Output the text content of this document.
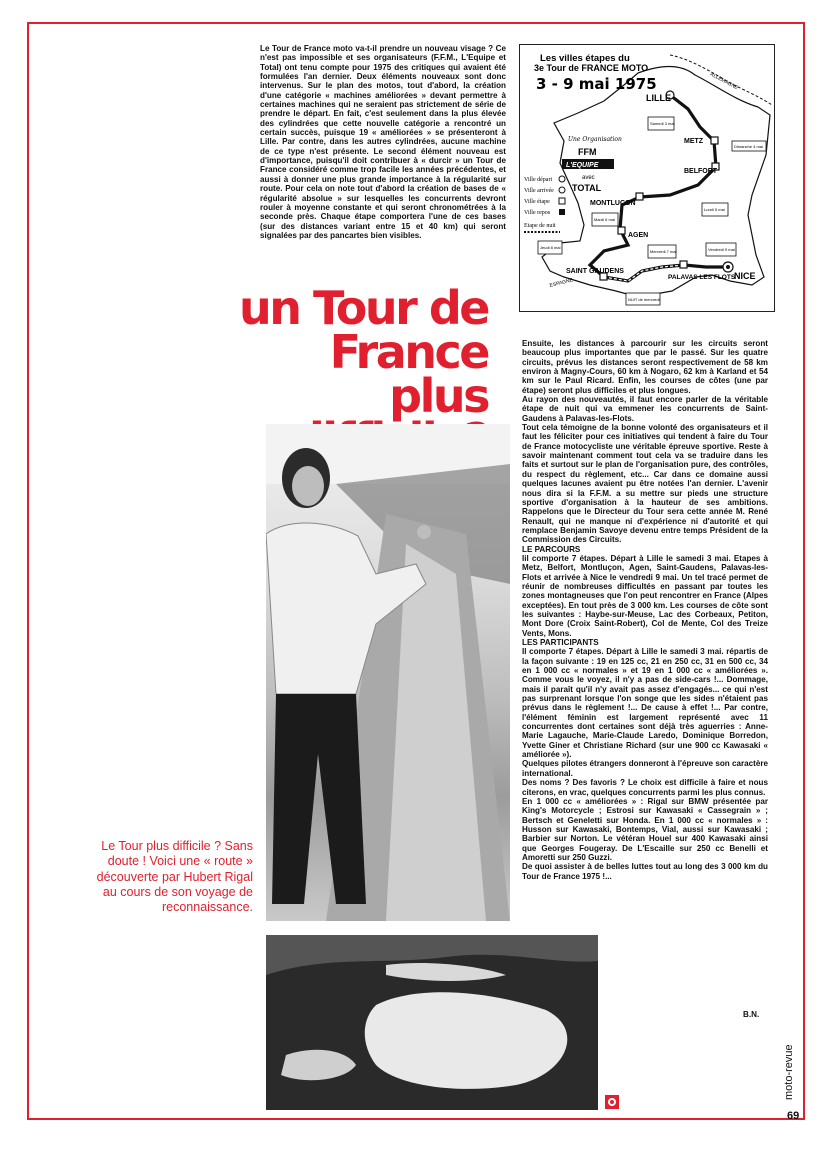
Le Tour de France moto va-t-il prendre un nouveau visage ? Ce n'est pas impossible et ses organisateurs (F.F.M., L'Equipe et Total) ont tenu compte pour 1975 des critiques qui avaient été formulées l'an dernier. Deux éléments nouveaux sont donc intervenus. Sur le plan des motos, tout d'abord, la création d'une catégorie « machines améliorées » devant permettre à certaines machines qui ne seraient pas strictement de série de prendre le départ. En fait, c'est seulement dans la plus élevée des cylindrées que cette nouvelle catégorie a rencontré un certain succès, puisque 19 « améliorées » se présenteront à Lille. Par contre, dans les autres cylindrées, aucune machine de ce type n'est présente. Le second élément nouveau est d'importance, puisqu'il doit contribuer à « durcir » un Tour de France considéré comme trop facile les années précédentes, et aussi à donner une plus grande importance à la régularité sur route. Pour cela on note tout d'abord la création de bases de « régularité absolue » sur lesquelles les concurrents devront rouler à moyenne constante et qui seront chronométrées à la seconde près. Chaque étape comportera l'une de ces bases (sur des distances variant entre 15 et 40 km) qui seront signalées par des pancartes bien visibles.

Les villes étapes du
3e Tour de FRANCE MOTO
3 - 9 mai 1975
Une Organisation
FFM
L'EQUIPE
avec
TOTAL
Ville départ
Ville arrivée
Ville étape
Ville repos
Etape de nuit
LILLE
METZ
BELFORT
MONTLUCON
AGEN
SAINT GAUDENS
PALAVAS LES FLOTS
NICE
ALLEMAGNE
ESPAGNE
Samedi 3 mai
Dimanche 4 mai
Lundi 5 mai
Mardi 6 mai
Mercredi 7 mai
Jeudi 8 mai	Vendredi 9 mai
NUIT de mercredi
un Tour de France
plus

Ensuite, les distances à parcourir sur les circuits seront beaucoup plus importantes que par le passé. Sur les quatre circuits, prévus les distances seront respectivement de 58 km environ à Magny-Cours, 60 km à Nogaro, 62 km à Karland et 54 km sur le Paul Ricard. Enfin, les courses de côtes (une par étape) seront plus difficiles et plus longues.

Au rayon des nouveautés, il faut encore parler de la véritable étape de nuit qui va emmener les concurrents de Saint-Gaudens à Palavas-les-Flots.

Tout cela témoigne de la bonne volonté des organisateurs et il faut les féliciter pour ces initiatives qui tendent à faire du Tour de France motocycliste une véritable épreuve sportive. Reste à savoir maintenant comment tout cela va se traduire dans les faits et surtout sur le plan de l'organisation pure, des contrôles, du respect du règlement, etc... Car dans ce domaine aussi quelques lacunes avaient pu être notées l'an dernier. L'avenir nous dira si la F.F.M. a su mettre sur pieds une structure sportive d'organisation à la hauteur de ses ambitions. Rappelons que le Directeur du Tour sera cette année M. René Renault, qui ne manque ni d'expérience ni d'autorité et qui remplace Benjamin Savoye devenu entre temps Président de la Commission des Circuits.

LE PARCOURS

Iil comporte 7 étapes. Départ à Lille le samedi 3 mai. Etapes à Metz, Belfort, Montluçon, Agen, Saint-Gaudens, Palavas-les-Flots et arrivée à Nice le vendredi 9 mai. Un tel tracé permet de réunir de nombreuses difficultés en passant par toutes les zones montagneuses que l'on peut rencontrer en France (Alpes exceptées). En tout près de 3 000 km. Les courses de côte sont les suivantes : Haybe-sur-Meuse, Lac des Corbeaux, Petiton, Mont Dore (Croix Saint-Robert), Col de Mente, Col des Treize Vents, Mons.

LES PARTICIPANTS

Il comporte 7 étapes. Départ à Lille le samedi 3 mai. répartis de la façon suivante : 19 en 125 cc, 21 en 250 cc, 31 en 500 cc, 34 en 1 000 cc « normales » et 19 en 1 000 cc « améliorées ». Comme vous le voyez, il n'y a pas de side-cars !... Dommage, mais il paraît qu'il n'y avait pas assez d'engagés... ce qui n'est pas surprenant lorsque l'on songe que les sides n'étaient pas prévus dans le règlement !... De cause à effet !... Par contre, l'élément féminin est largement représenté avec 11 concurrentes dont certaines sont déjà très aguerries : Anne-Marie Lagauche, Marie-Claude Laredo, Dominique Borredon, Yvette Giner et Christiane Richard (sur une 900 cc Kawasaki « améliorée »).

Quelques pilotes étrangers donneront à l'épreuve son caractère international.

Des noms ? Des favoris ? Le choix est difficile à faire et nous citerons, en vrac, quelques concurrents parmi les plus connus.

En 1 000 cc « améliorées » : Rigal sur BMW présentée par King's Motorcycle ; Estrosi sur Kawasaki « Cassegrain » ; Bertsch et Geneletti sur Honda. En 1 000 cc « normales » : Husson sur Kawasaki, Bontemps, Vial, aussi sur Kawasaki ; Barbier sur Norton. Le vétéran Houel sur 400 Kawasaki ainsi que Georges Fougeray. De L'Escaille sur 250 cc Benelli et Amoretti sur 250 Guzzi.

De quoi assister à de belles luttes tout au long des 3 000 km du Tour de France 1975 !...

B.N.

Le Tour plus difficile ? Sans doute ! Voici une « route » découverte par Hubert Rigal au cours de son voyage de reconnaissance.

moto-revue

69
